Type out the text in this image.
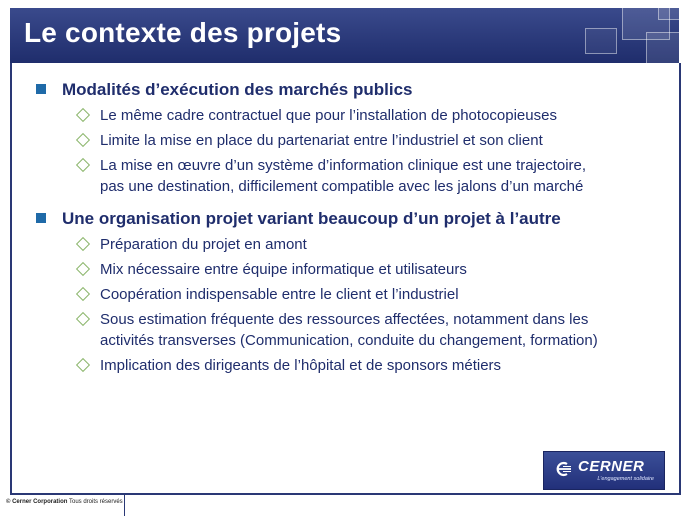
Le contexte des projets

Modalités d’exécution des marchés publics

Le même cadre contractuel que pour l’installation de photocopieuses

Limite la mise en place du partenariat entre l’industriel et son client

La mise en œuvre d’un système d’information clinique est une trajectoire,
pas une destination, difficilement compatible avec les jalons d’un marché

Une organisation projet variant beaucoup d’un projet à l’autre

Préparation du projet en amont

Mix nécessaire entre équipe informatique et utilisateurs

Coopération indispensable entre le client et l’industriel

Sous estimation fréquente des ressources affectées, notamment dans les
activités transverses (Communication, conduite du changement, formation)

Implication des dirigeants de l’hôpital et de sponsors métiers

CERNER
L’engagement solidaire
© Cerner Corporation Tous droits réservés
